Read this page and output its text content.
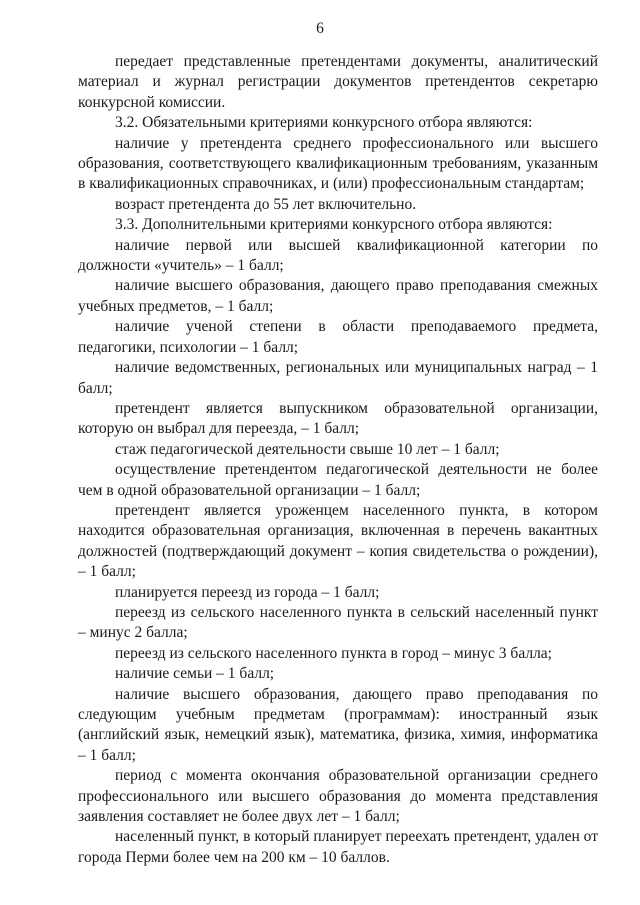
6

передает представленные претендентами документы, аналитический материал и журнал регистрации документов претендентов секретарю конкурсной комиссии.

3.2. Обязательными критериями конкурсного отбора являются:

наличие у претендента среднего профессионального или высшего образования, соответствующего квалификационным требованиям, указанным в квалификационных справочниках, и (или) профессиональным стандартам;

возраст претендента до 55 лет включительно.

3.3. Дополнительными критериями конкурсного отбора являются:

наличие первой или высшей квалификационной категории по должности «учитель» – 1 балл;

наличие высшего образования, дающего право преподавания смежных учебных предметов, – 1 балл;

наличие ученой степени в области преподаваемого предмета, педагогики, психологии – 1 балл;

наличие ведомственных, региональных или муниципальных наград – 1 балл;

претендент является выпускником образовательной организации, которую он выбрал для переезда, – 1 балл;

стаж педагогической деятельности свыше 10 лет – 1 балл;

осуществление претендентом педагогической деятельности не более чем в одной образовательной организации – 1 балл;

претендент является уроженцем населенного пункта, в котором находится образовательная организация, включенная в перечень вакантных должностей (подтверждающий документ – копия свидетельства о рождении), – 1 балл;

планируется переезд из города – 1 балл;

переезд из сельского населенного пункта в сельский населенный пункт – минус 2 балла;

переезд из сельского населенного пункта в город – минус 3 балла;

наличие семьи – 1 балл;

наличие высшего образования, дающего право преподавания по следующим учебным предметам (программам): иностранный язык (английский язык, немецкий язык), математика, физика, химия, информатика – 1 балл;

период с момента окончания образовательной организации среднего профессионального или высшего образования до момента представления заявления составляет не более двух лет – 1 балл;

населенный пункт, в который планирует переехать претендент, удален от города Перми более чем на 200 км – 10 баллов.
